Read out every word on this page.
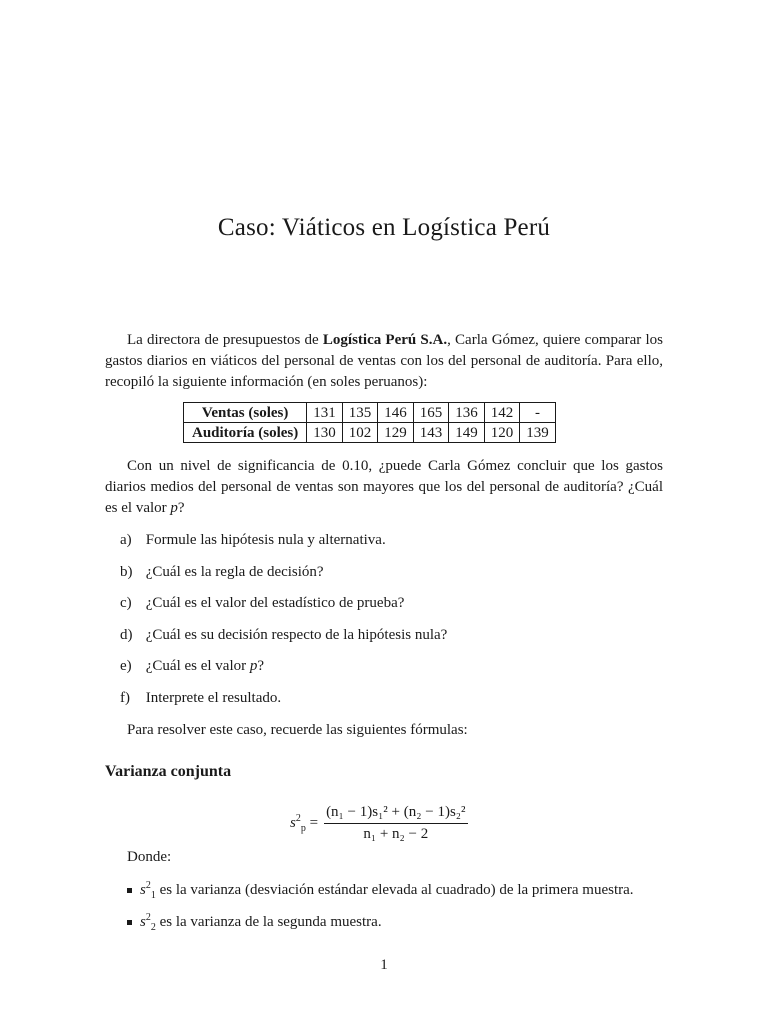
Caso: Viáticos en Logística Perú

La directora de presupuestos de Logística Perú S.A., Carla Gómez, quiere comparar los gastos diarios en viáticos del personal de ventas con los del personal de auditoría. Para ello, recopiló la siguiente información (en soles peruanos):

Ventas (soles)	131	135	146	165	136	142	-
Auditoría (soles)	130	102	129	143	149	120	139

Con un nivel de significancia de 0.10, ¿puede Carla Gómez concluir que los gastos diarios medios del personal de ventas son mayores que los del personal de auditoría? ¿Cuál es el valor p?

a) Formule las hipótesis nula y alternativa.
b) ¿Cuál es la regla de decisión?
c) ¿Cuál es el valor del estadístico de prueba?
d) ¿Cuál es su decisión respecto de la hipótesis nula?
e) ¿Cuál es el valor p?
f) Interprete el resultado.
Para resolver este caso, recuerde las siguientes fórmulas:
Varianza conjunta
$s^2_p = \frac{\text{(n₁ − 1)s₁² + (n₂ − 1)s₂²}}{\text{n₁ + n₂ − 2}}$
Donde:
$s^2_1$ es la varianza (desviación estándar elevada al cuadrado) de la primera muestra.
$s^2_2$ es la varianza de la segunda muestra.
1
